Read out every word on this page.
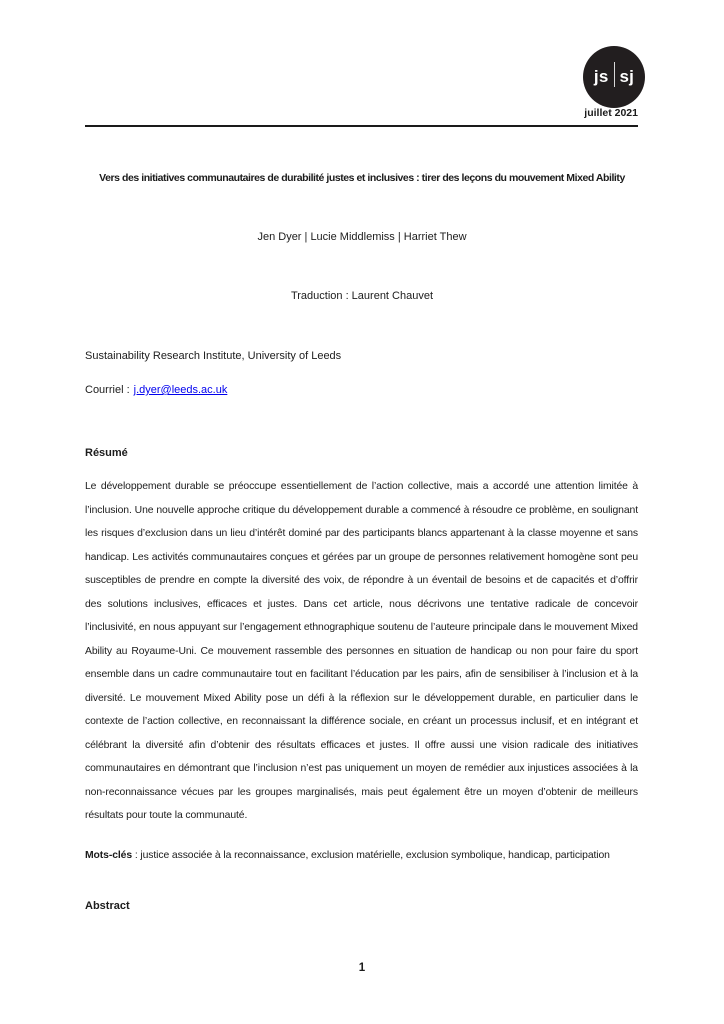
js sj
juillet 2021
Vers des initiatives communautaires de durabilité justes et inclusives : tirer des leçons du mouvement Mixed Ability
Jen Dyer | Lucie Middlemiss | Harriet Thew
Traduction : Laurent Chauvet
Sustainability Research Institute, University of Leeds
Courriel : j.dyer@leeds.ac.uk
Résumé
Le développement durable se préoccupe essentiellement de l’action collective, mais a accordé une attention limitée à l’inclusion. Une nouvelle approche critique du développement durable a commencé à résoudre ce problème, en soulignant les risques d’exclusion dans un lieu d’intérêt dominé par des participants blancs appartenant à la classe moyenne et sans handicap. Les activités communautaires conçues et gérées par un groupe de personnes relativement homogène sont peu susceptibles de prendre en compte la diversité des voix, de répondre à un éventail de besoins et de capacités et d’offrir des solutions inclusives, efficaces et justes. Dans cet article, nous décrivons une tentative radicale de concevoir l’inclusivité, en nous appuyant sur l’engagement ethnographique soutenu de l’auteure principale dans le mouvement Mixed Ability au Royaume-Uni. Ce mouvement rassemble des personnes en situation de handicap ou non pour faire du sport ensemble dans un cadre communautaire tout en facilitant l’éducation par les pairs, afin de sensibiliser à l’inclusion et à la diversité. Le mouvement Mixed Ability pose un défi à la réflexion sur le développement durable, en particulier dans le contexte de l’action collective, en reconnaissant la différence sociale, en créant un processus inclusif, et en intégrant et célébrant la diversité afin d’obtenir des résultats efficaces et justes. Il offre aussi une vision radicale des initiatives communautaires en démontrant que l’inclusion n’est pas uniquement un moyen de remédier aux injustices associées à la non-reconnaissance vécues par les groupes marginalisés, mais peut également être un moyen d’obtenir de meilleurs résultats pour toute la communauté.
Mots-clés : justice associée à la reconnaissance, exclusion matérielle, exclusion symbolique, handicap, participation
Abstract
1
